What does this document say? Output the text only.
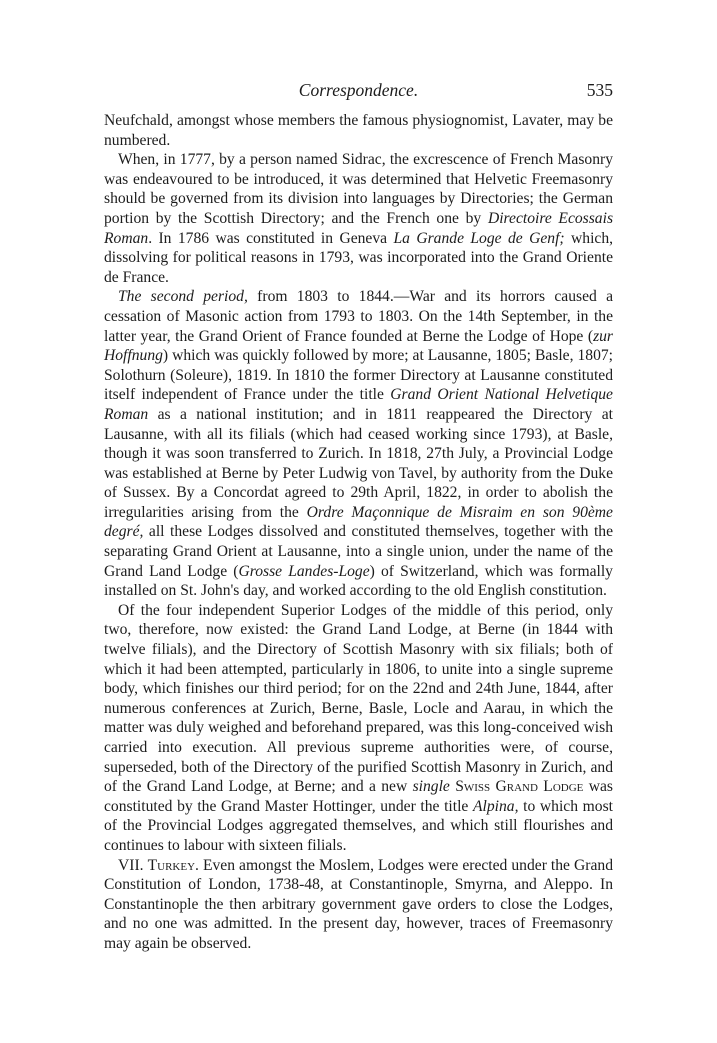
Correspondence.	535

Neufchald, amongst whose members the famous physiognomist, Lavater, may be numbered.

When, in 1777, by a person named Sidrac, the excrescence of French Masonry was endeavoured to be introduced, it was determined that Helvetic Freemasonry should be governed from its division into languages by Directories; the German portion by the Scottish Directory; and the French one by Directoire Ecossais Roman. In 1786 was constituted in Geneva La Grande Loge de Genf; which, dissolving for political reasons in 1793, was incorporated into the Grand Oriente de France.

The second period, from 1803 to 1844.—War and its horrors caused a cessation of Masonic action from 1793 to 1803. On the 14th September, in the latter year, the Grand Orient of France founded at Berne the Lodge of Hope (zur Hoffnung) which was quickly followed by more; at Lausanne, 1805; Basle, 1807; Solothurn (Soleure), 1819. In 1810 the former Directory at Lausanne constituted itself independent of France under the title Grand Orient National Helvetique Roman as a national institution; and in 1811 reappeared the Directory at Lausanne, with all its filials (which had ceased working since 1793), at Basle, though it was soon transferred to Zurich. In 1818, 27th July, a Provincial Lodge was established at Berne by Peter Ludwig von Tavel, by authority from the Duke of Sussex. By a Concordat agreed to 29th April, 1822, in order to abolish the irregularities arising from the Ordre Maçonnique de Misraim en son 90ème degré, all these Lodges dissolved and constituted themselves, together with the separating Grand Orient at Lausanne, into a single union, under the name of the Grand Land Lodge (Grosse Landes-Loge) of Switzerland, which was formally installed on St. John's day, and worked according to the old English constitution.

Of the four independent Superior Lodges of the middle of this period, only two, therefore, now existed: the Grand Land Lodge, at Berne (in 1844 with twelve filials), and the Directory of Scottish Masonry with six filials; both of which it had been attempted, particularly in 1806, to unite into a single supreme body, which finishes our third period; for on the 22nd and 24th June, 1844, after numerous conferences at Zurich, Berne, Basle, Locle and Aarau, in which the matter was duly weighed and beforehand prepared, was this long-conceived wish carried into execution. All previous supreme authorities were, of course, superseded, both of the Directory of the purified Scottish Masonry in Zurich, and of the Grand Land Lodge, at Berne; and a new single Swiss Grand Lodge was constituted by the Grand Master Hottinger, under the title Alpina, to which most of the Provincial Lodges aggregated themselves, and which still flourishes and continues to labour with sixteen filials.

VII. Turkey. Even amongst the Moslem, Lodges were erected under the Grand Constitution of London, 1738-48, at Constantinople, Smyrna, and Aleppo. In Constantinople the then arbitrary government gave orders to close the Lodges, and no one was admitted. In the present day, however, traces of Freemasonry may again be observed.
